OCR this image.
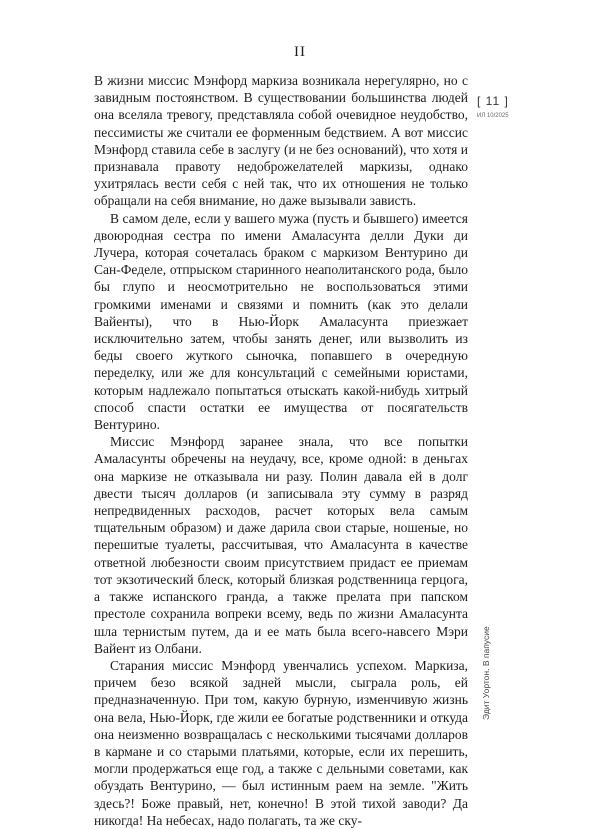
II

В жизни миссис Мэнфорд маркиза возникала нерегулярно, но с завидным постоянством. В существовании большинства людей она вселяла тревогу, представляла собой очевидное неудобство, пессимисты же считали ее форменным бедствием. А вот миссис Мэнфорд ставила себе в заслугу (и не без оснований), что хотя и признавала правоту недоброжелателей маркизы, однако ухитрялась вести себя с ней так, что их отношения не только обращали на себя внимание, но даже вызывали зависть.

В самом деле, если у вашего мужа (пусть и бывшего) имеется двоюродная сестра по имени Амаласунта делли Дуки ди Лучера, которая сочеталась браком с маркизом Вентурино ди Сан-Феделе, отпрыском старинного неаполитанского рода, было бы глупо и неосмотрительно не воспользоваться этими громкими именами и связями и помнить (как это делали Вайенты), что в Нью-Йорк Амаласунта приезжает исключительно затем, чтобы занять денег, или вызволить из беды своего жуткого сыночка, попавшего в очередную переделку, или же для консультаций с семейными юристами, которым надлежало попытаться отыскать какой-нибудь хитрый способ спасти остатки ее имущества от посягательств Вентурино.

Миссис Мэнфорд заранее знала, что все попытки Амаласунты обречены на неудачу, все, кроме одной: в деньгах она маркизе не отказывала ни разу. Полин давала ей в долг двести тысяч долларов (и записывала эту сумму в разряд непредвиденных расходов, расчет которых вела самым тщательным образом) и даже дарила свои старые, ношеные, но перешитые туалеты, рассчитывая, что Амаласунта в качестве ответной любезности своим присутствием придаст ее приемам тот экзотический блеск, который близкая родственница герцога, а также испанского гранда, а также прелата при папском престоле сохранила вопреки всему, ведь по жизни Амаласунта шла тернистым путем, да и ее мать была всего-навсего Мэри Вайент из Олбани.

Старания миссис Мэнфорд увенчались успехом. Маркиза, причем безо всякой задней мысли, сыграла роль, ей предназначенную. При том, какую бурную, изменчивую жизнь она вела, Нью-Йорк, где жили ее богатые родственники и откуда она неизменно возвращалась с несколькими тысячами долларов в кармане и со старыми платьями, которые, если их перешить, могли продержаться еще год, а также с дельными советами, как обуздать Вентурино, — был истинным раем на земле. "Жить здесь?! Боже правый, нет, конечно! В этой тихой заводи? Да никогда! На небесах, надо полагать, та же ску-

[ 11 ]
ИЛ 10/2025
Эдит Уортон. В папусие
